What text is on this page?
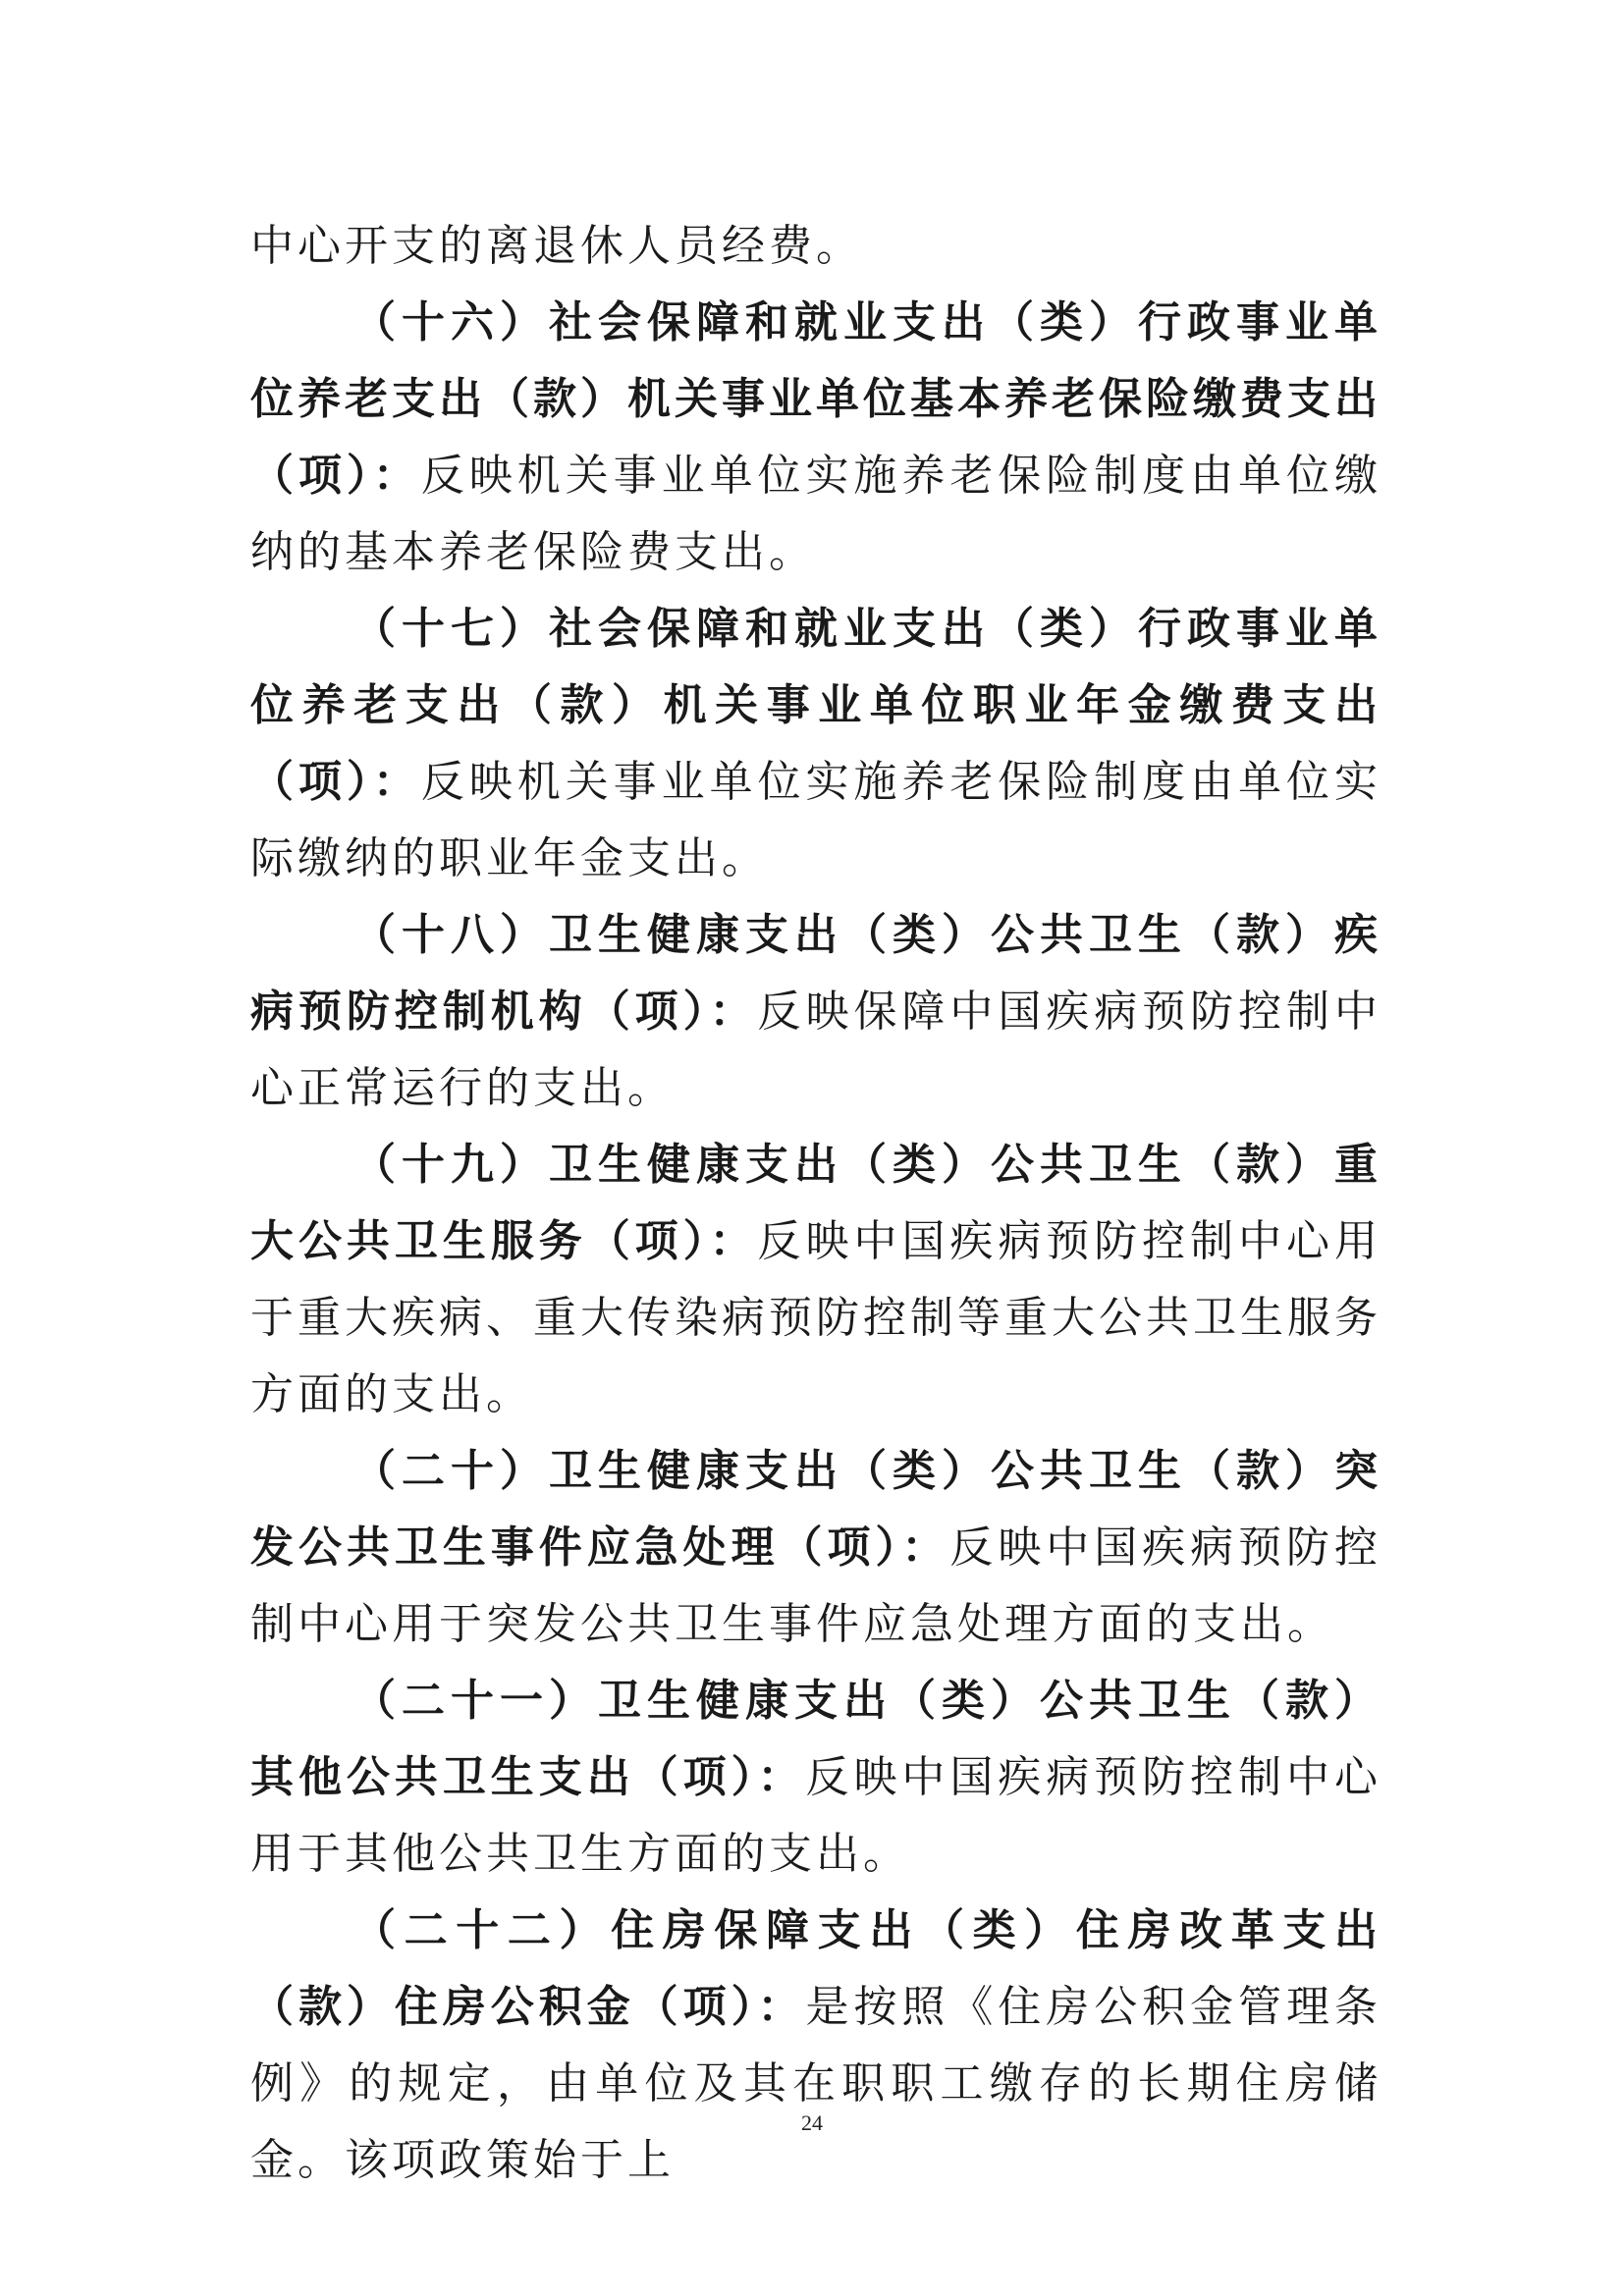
中心开支的离退休人员经费。

（十六）社会保障和就业支出（类）行政事业单位养老支出（款）机关事业单位基本养老保险缴费支出（项）：反映机关事业单位实施养老保险制度由单位缴纳的基本养老保险费支出。

（十七）社会保障和就业支出（类）行政事业单位养老支出（款）机关事业单位职业年金缴费支出（项）：反映机关事业单位实施养老保险制度由单位实际缴纳的职业年金支出。

（十八）卫生健康支出（类）公共卫生（款）疾病预防控制机构（项）：反映保障中国疾病预防控制中心正常运行的支出。

（十九）卫生健康支出（类）公共卫生（款）重大公共卫生服务（项）：反映中国疾病预防控制中心用于重大疾病、重大传染病预防控制等重大公共卫生服务方面的支出。

（二十）卫生健康支出（类）公共卫生（款）突发公共卫生事件应急处理（项）：反映中国疾病预防控制中心用于突发公共卫生事件应急处理方面的支出。

（二十一）卫生健康支出（类）公共卫生（款）其他公共卫生支出（项）：反映中国疾病预防控制中心用于其他公共卫生方面的支出。

（二十二）住房保障支出（类）住房改革支出（款）住房公积金（项）：是按照《住房公积金管理条例》的规定，由单位及其在职职工缴存的长期住房储金。该项政策始于上

24
